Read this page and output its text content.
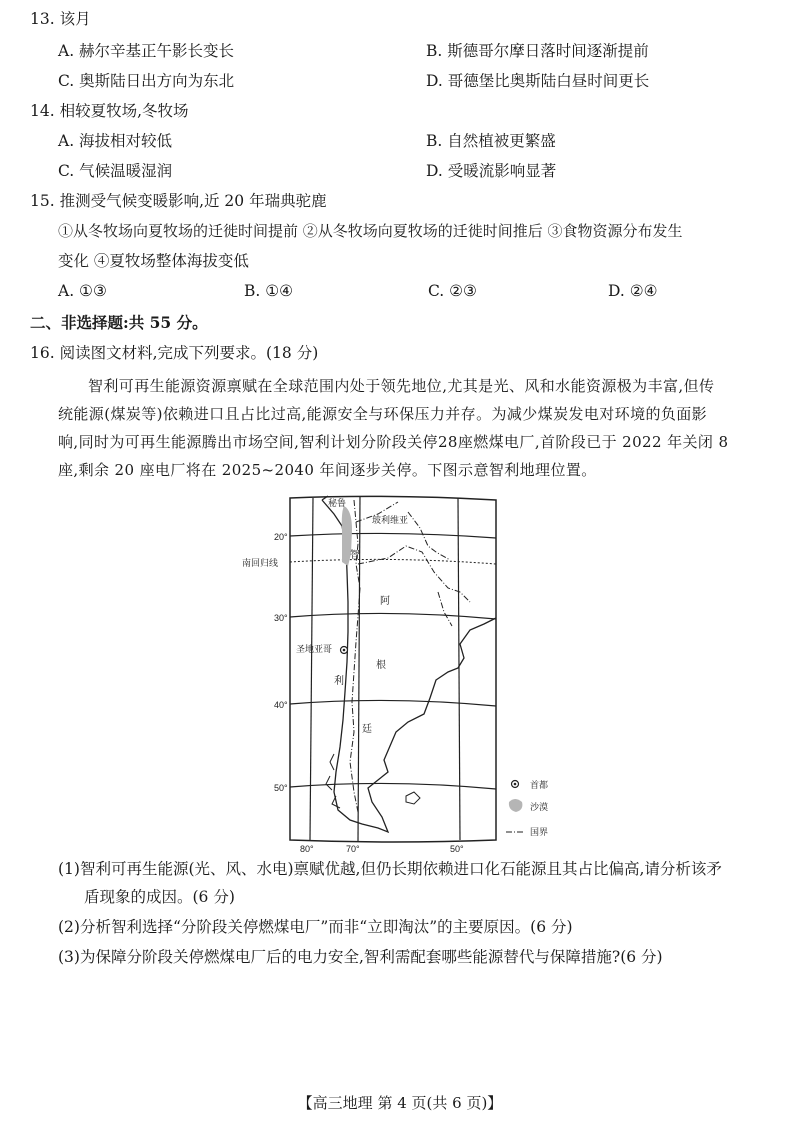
13. 该月
A. 赫尔辛基正午影长变长	B. 斯德哥尔摩日落时间逐渐提前
C. 奥斯陆日出方向为东北	D. 哥德堡比奥斯陆白昼时间更长
14. 相较夏牧场,冬牧场
A. 海拔相对较低	B. 自然植被更繁盛
C. 气候温暖湿润	D. 受暖流影响显著
15. 推测受气候变暖影响,近 20 年瑞典驼鹿
①从冬牧场向夏牧场的迁徙时间提前 ②从冬牧场向夏牧场的迁徙时间推后 ③食物资源分布发生
变化 ④夏牧场整体海拔变低
A. ①③	B. ①④	C. ②③	D. ②④
二、非选择题:共 55 分。
16. 阅读图文材料,完成下列要求。(18 分)
智利可再生能源资源禀赋在全球范围内处于领先地位,尤其是光、风和水能资源极为丰富,但传
统能源(煤炭等)依赖进口且占比过高,能源安全与环保压力并存。为减少煤炭发电对环境的负面影
响,同时为可再生能源腾出市场空间,智利计划分阶段关停28座燃煤电厂,首阶段已于 2022 年关闭 8
座,剩余 20 座电厂将在 2025~2040 年间逐步关停。下图示意智利地理位置。
20°
30°
40°
50°
80°	70°	50°
南回归线
秘鲁
玻利维亚
智
利
阿
根
廷
圣地亚哥
首都
沙漠
国界
(1)智利可再生能源(光、风、水电)禀赋优越,但仍长期依赖进口化石能源且其占比偏高,请分析该矛
盾现象的成因。(6 分)
(2)分析智利选择“分阶段关停燃煤电厂”而非“立即淘汰”的主要原因。(6 分)
(3)为保障分阶段关停燃煤电厂后的电力安全,智利需配套哪些能源替代与保障措施?(6 分)
【高三地理 第 4 页(共 6 页)】
